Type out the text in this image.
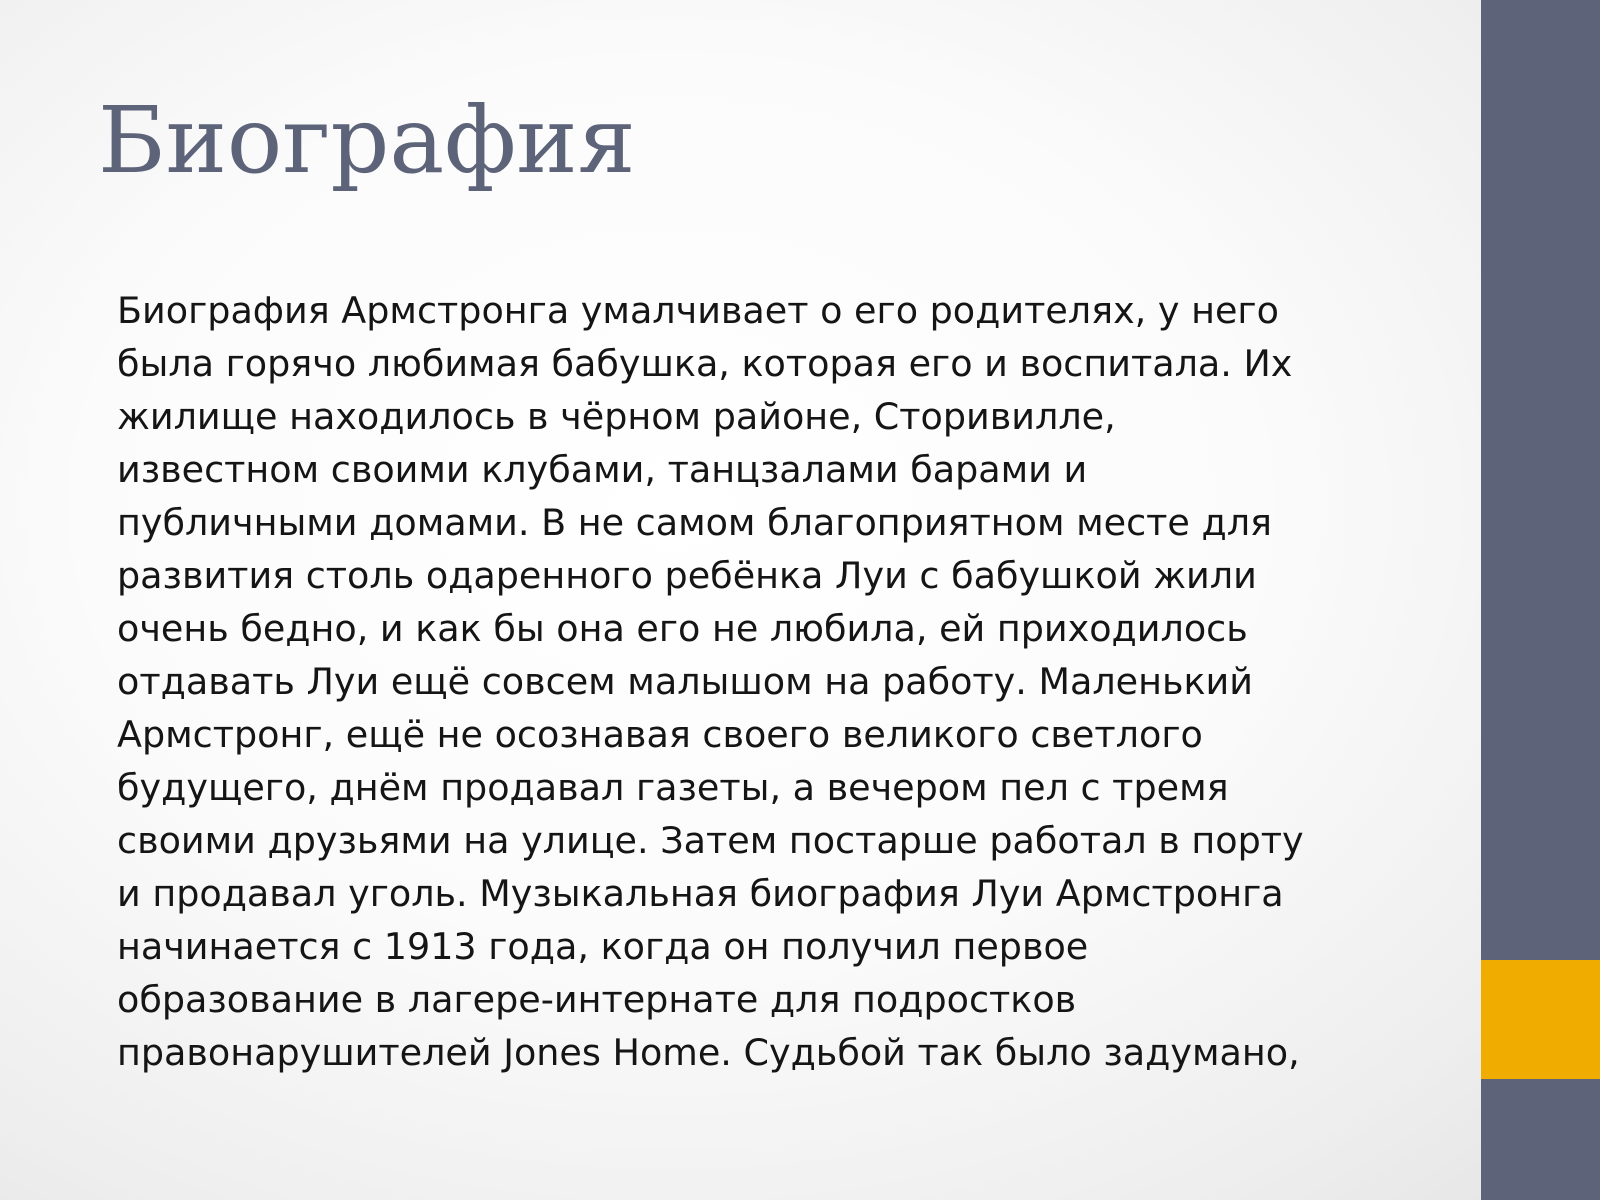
Биография
Биография Армстронга умалчивает о его родителях, у него
была горячо любимая бабушка, которая его и воспитала. Их
жилище находилось в чёрном районе, Сторивилле,
известном своими клубами, танцзалами барами и
публичными домами. В не самом благоприятном месте для
развития столь одаренного ребёнка Луи с бабушкой жили
очень бедно, и как бы она его не любила, ей приходилось
отдавать Луи ещё совсем малышом на работу. Маленький
Армстронг, ещё не осознавая своего великого светлого
будущего, днём продавал газеты, а вечером пел с тремя
своими друзьями на улице. Затем постарше работал в порту
и продавал уголь. Музыкальная биография Луи Армстронга
начинается с 1913 года, когда он получил первое
образование в лагере-интернате для подростков
правонарушителей Jones Home. Судьбой так было задумано,
